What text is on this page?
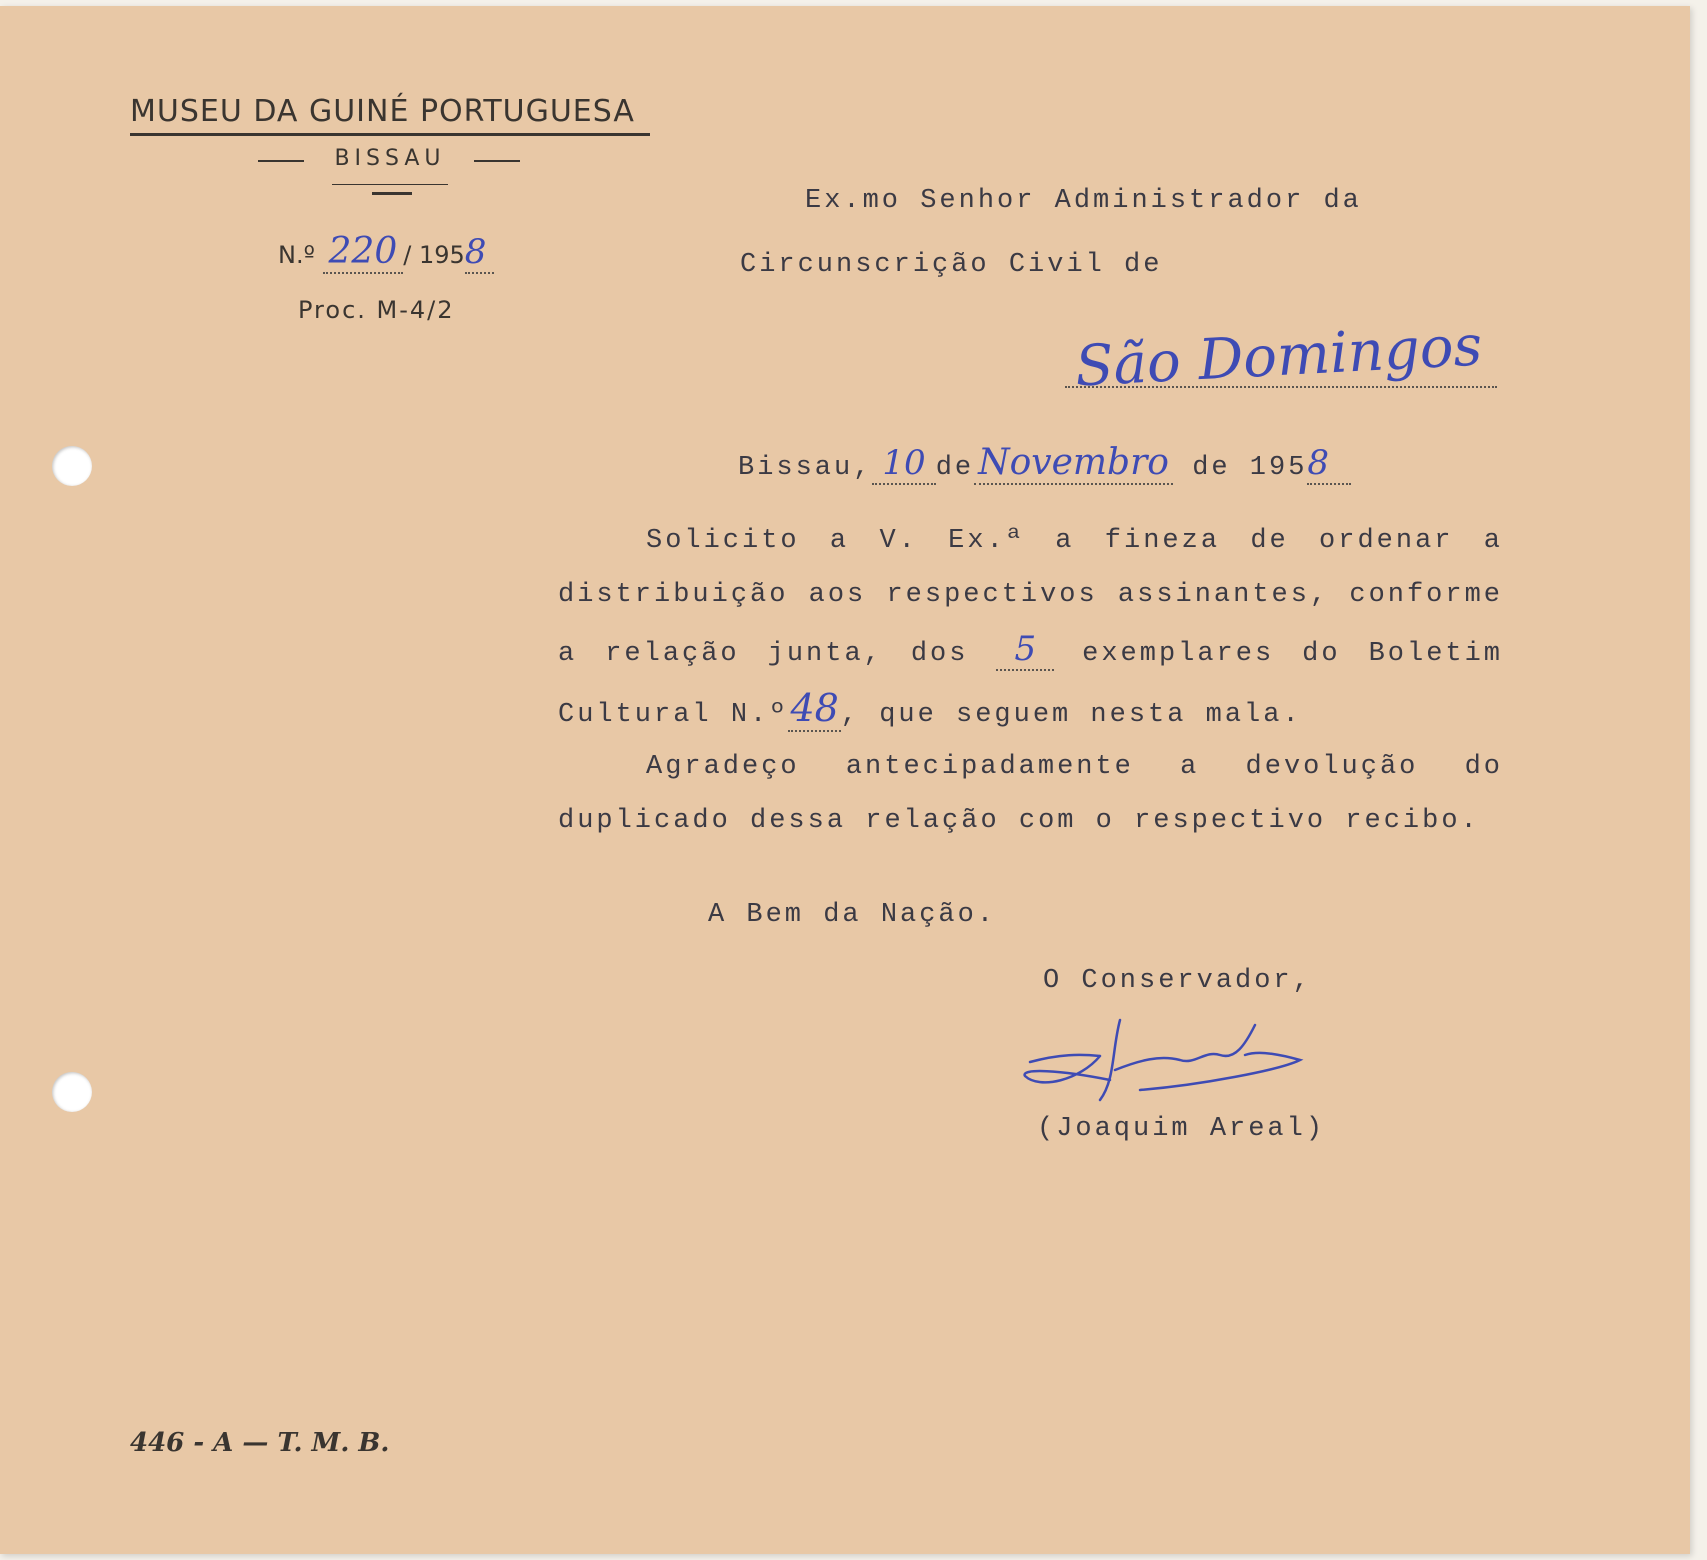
MUSEU DA GUINÉ PORTUGUESA
BISSAU
N.º 220 / 1958
Proc. M-4/2
Ex.mo Senhor Administrador da
Circunscrição Civil de
São Domingos
Bissau, 10 de Novembro de 1958
Solicito a V. Ex.ª a fineza de ordenar a distribuição aos respectivos assinantes, conforme a relação junta, dos 5 exemplares do Boletim Cultural N.º48, que seguem nesta mala.
Agradeço antecipadamente a devolução do duplicado dessa relação com o respectivo recibo.
A Bem da Nação.
O Conservador,
(Joaquim Areal)
446 - A — T. M. B.
